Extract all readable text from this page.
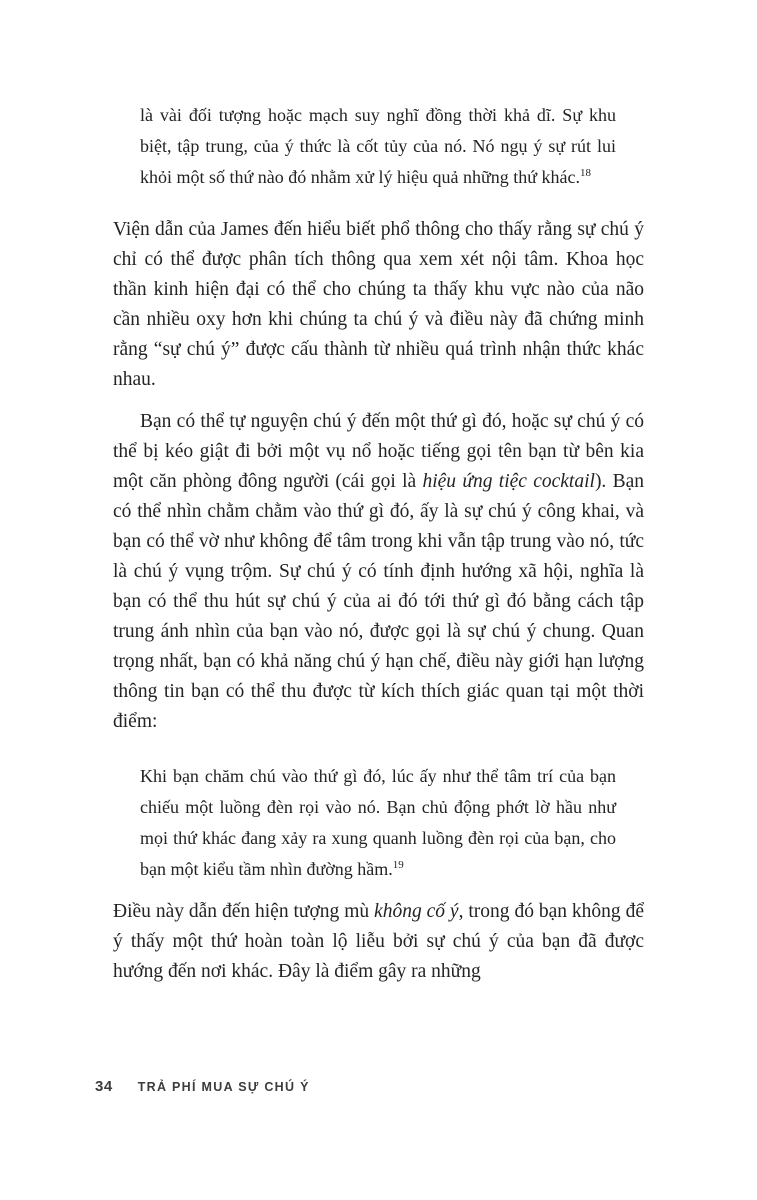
là vài đối tượng hoặc mạch suy nghĩ đồng thời khả dĩ. Sự khu biệt, tập trung, của ý thức là cốt tủy của nó. Nó ngụ ý sự rút lui khỏi một số thứ nào đó nhằm xử lý hiệu quả những thứ khác.$^{18}$

Viện dẫn của James đến hiểu biết phổ thông cho thấy rằng sự chú ý chỉ có thể được phân tích thông qua xem xét nội tâm. Khoa học thần kinh hiện đại có thể cho chúng ta thấy khu vực nào của não cần nhiều oxy hơn khi chúng ta chú ý và điều này đã chứng minh rằng “sự chú ý” được cấu thành từ nhiều quá trình nhận thức khác nhau.

Bạn có thể tự nguyện chú ý đến một thứ gì đó, hoặc sự chú ý có thể bị kéo giật đi bởi một vụ nổ hoặc tiếng gọi tên bạn từ bên kia một căn phòng đông người (cái gọi là hiệu ứng tiệc cocktail). Bạn có thể nhìn chằm chằm vào thứ gì đó, ấy là sự chú ý công khai, và bạn có thể vờ như không để tâm trong khi vẫn tập trung vào nó, tức là chú ý vụng trộm. Sự chú ý có tính định hướng xã hội, nghĩa là bạn có thể thu hút sự chú ý của ai đó tới thứ gì đó bằng cách tập trung ánh nhìn của bạn vào nó, được gọi là sự chú ý chung. Quan trọng nhất, bạn có khả năng chú ý hạn chế, điều này giới hạn lượng thông tin bạn có thể thu được từ kích thích giác quan tại một thời điểm:

Khi bạn chăm chú vào thứ gì đó, lúc ấy như thể tâm trí của bạn chiếu một luồng đèn rọi vào nó. Bạn chủ động phớt lờ hầu như mọi thứ khác đang xảy ra xung quanh luồng đèn rọi của bạn, cho bạn một kiểu tầm nhìn đường hầm.$^{19}$

Điều này dẫn đến hiện tượng mù không cố ý, trong đó bạn không để ý thấy một thứ hoàn toàn lộ liễu bởi sự chú ý của bạn đã được hướng đến nơi khác. Đây là điểm gây ra những

34 TRẢ PHÍ MUA SỰ CHÚ Ý
